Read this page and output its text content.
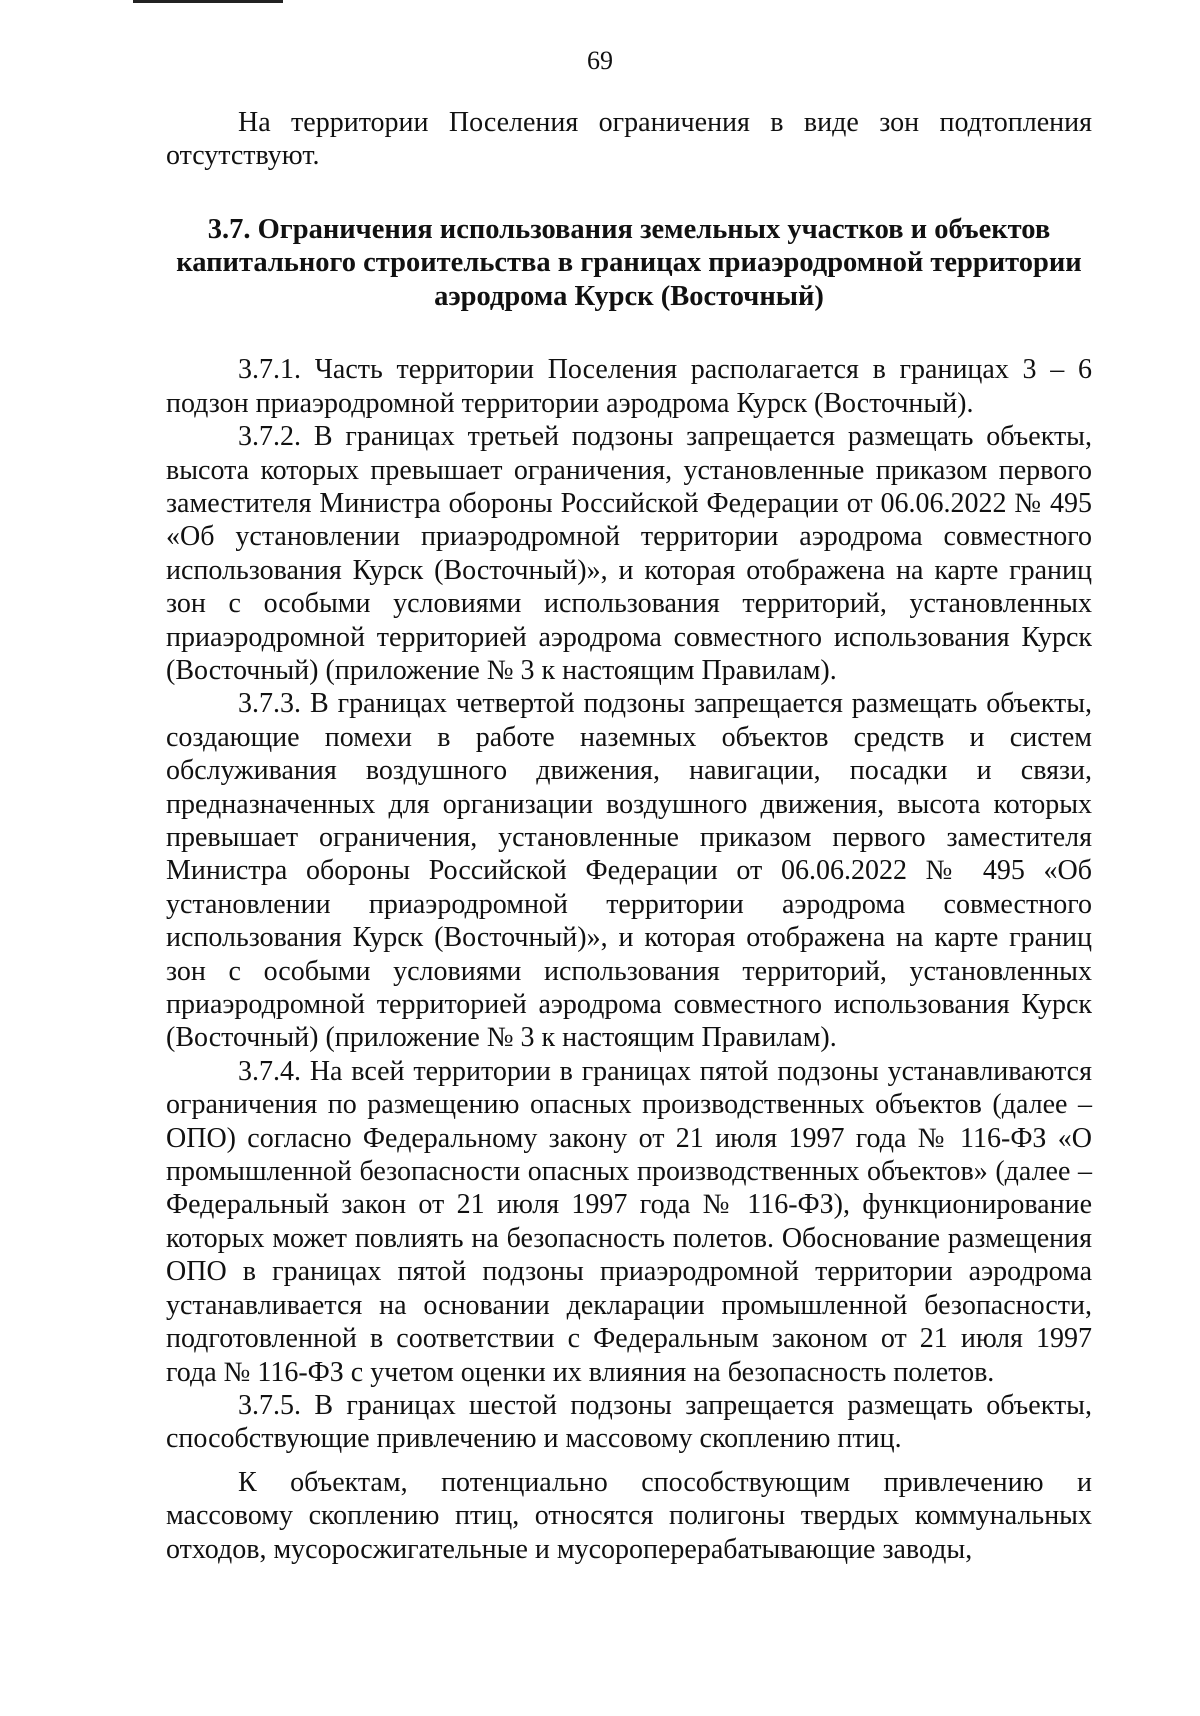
69

На территории Поселения ограничения в виде зон подтопления отсутствуют.

3.7. Ограничения использования земельных участков и объектов капитального строительства в границах приаэродромной территории аэродрома Курск (Восточный)

3.7.1. Часть территории Поселения располагается в границах 3 – 6 подзон приаэродромной территории аэродрома Курск (Восточный).

3.7.2. В границах третьей подзоны запрещается размещать объекты, высота которых превышает ограничения, установленные приказом первого заместителя Министра обороны Российской Федерации от 06.06.2022 № 495 «Об установлении приаэродромной территории аэродрома совместного использования Курск (Восточный)», и которая отображена на карте границ зон с особыми условиями использования территорий, установленных приаэродромной территорией аэродрома совместного использования Курск (Восточный) (приложение № 3 к настоящим Правилам).

3.7.3. В границах четвертой подзоны запрещается размещать объекты, создающие помехи в работе наземных объектов средств и систем обслуживания воздушного движения, навигации, посадки и связи, предназначенных для организации воздушного движения, высота которых превышает ограничения, установленные приказом первого заместителя Министра обороны Российской Федерации от 06.06.2022 № 495 «Об установлении приаэродромной территории аэродрома совместного использования Курск (Восточный)», и которая отображена на карте границ зон с особыми условиями использования территорий, установленных приаэродромной территорией аэродрома совместного использования Курск (Восточный) (приложение № 3 к настоящим Правилам).

3.7.4. На всей территории в границах пятой подзоны устанавливаются ограничения по размещению опасных производственных объектов (далее – ОПО) согласно Федеральному закону от 21 июля 1997 года № 116-ФЗ «О промышленной безопасности опасных производственных объектов» (далее – Федеральный закон от 21 июля 1997 года № 116-ФЗ), функционирование которых может повлиять на безопасность полетов. Обоснование размещения ОПО в границах пятой подзоны приаэродромной территории аэродрома устанавливается на основании декларации промышленной безопасности, подготовленной в соответствии с Федеральным законом от 21 июля 1997 года № 116-ФЗ с учетом оценки их влияния на безопасность полетов.

3.7.5. В границах шестой подзоны запрещается размещать объекты, способствующие привлечению и массовому скоплению птиц.

К объектам, потенциально способствующим привлечению и массовому скоплению птиц, относятся полигоны твердых коммунальных отходов, мусоросжигательные и мусороперерабатывающие заводы,
